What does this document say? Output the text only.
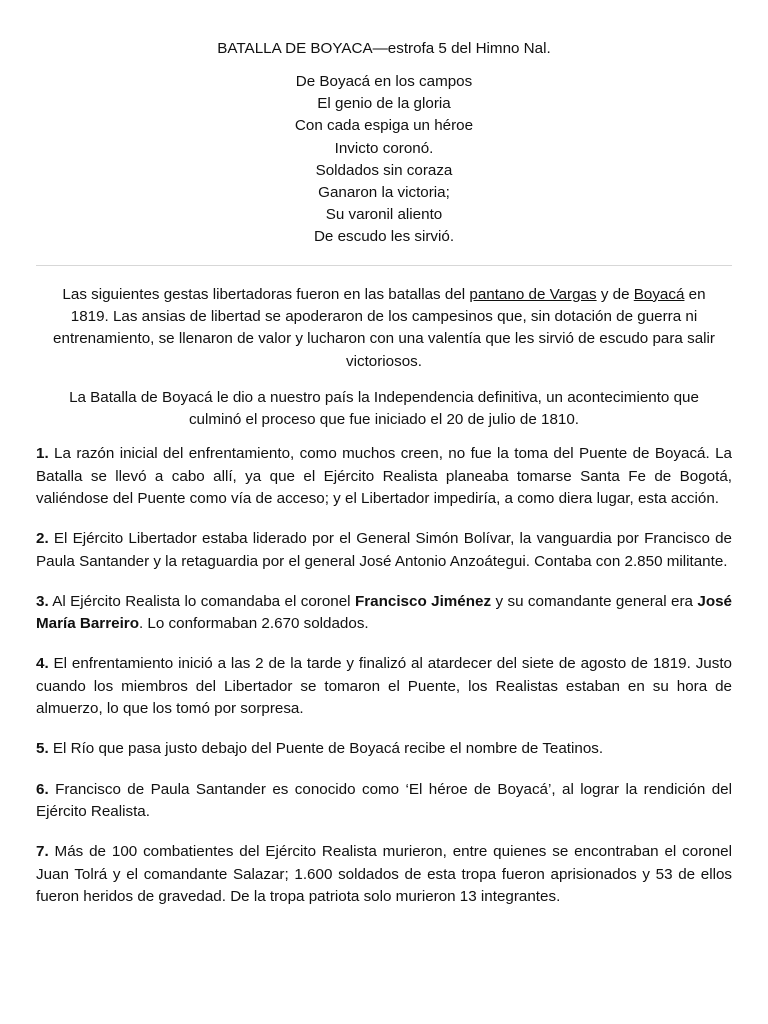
BATALLA DE BOYACA—estrofa 5 del Himno Nal.
De Boyacá en los campos
El genio de la gloria
Con cada espiga un héroe
Invicto coronó.
Soldados sin coraza
Ganaron la victoria;
Su varonil aliento
De escudo les sirvió.

Las siguientes gestas libertadoras fueron en las batallas del pantano de Vargas y de Boyacá en 1819. Las ansias de libertad se apoderaron de los campesinos que, sin dotación de guerra ni entrenamiento, se llenaron de valor y lucharon con una valentía que les sirvió de escudo para salir victoriosos.

La Batalla de Boyacá le dio a nuestro país la Independencia definitiva, un acontecimiento que culminó el proceso que fue iniciado el 20 de julio de 1810.

1. La razón inicial del enfrentamiento, como muchos creen, no fue la toma del Puente de Boyacá. La Batalla se llevó a cabo allí, ya que el Ejército Realista planeaba tomarse Santa Fe de Bogotá, valiéndose del Puente como vía de acceso; y el Libertador impediría, a como diera lugar, esta acción.

2. El Ejército Libertador estaba liderado por el General Simón Bolívar, la vanguardia por Francisco de Paula Santander y la retaguardia por el general José Antonio Anzoátegui. Contaba con 2.850 militante.

3. Al Ejército Realista lo comandaba el coronel Francisco Jiménez y su comandante general era José María Barreiro. Lo conformaban 2.670 soldados.

4. El enfrentamiento inició a las 2 de la tarde y finalizó al atardecer del siete de agosto de 1819. Justo cuando los miembros del Libertador se tomaron el Puente, los Realistas estaban en su hora de almuerzo, lo que los tomó por sorpresa.

5. El Río que pasa justo debajo del Puente de Boyacá recibe el nombre de Teatinos.

6. Francisco de Paula Santander es conocido como ‘El héroe de Boyacá’, al lograr la rendición del Ejército Realista.

7. Más de 100 combatientes del Ejército Realista murieron, entre quienes se encontraban el coronel Juan Tolrá y el comandante Salazar; 1.600 soldados de esta tropa fueron aprisionados y 53 de ellos fueron heridos de gravedad. De la tropa patriota solo murieron 13 integrantes.
